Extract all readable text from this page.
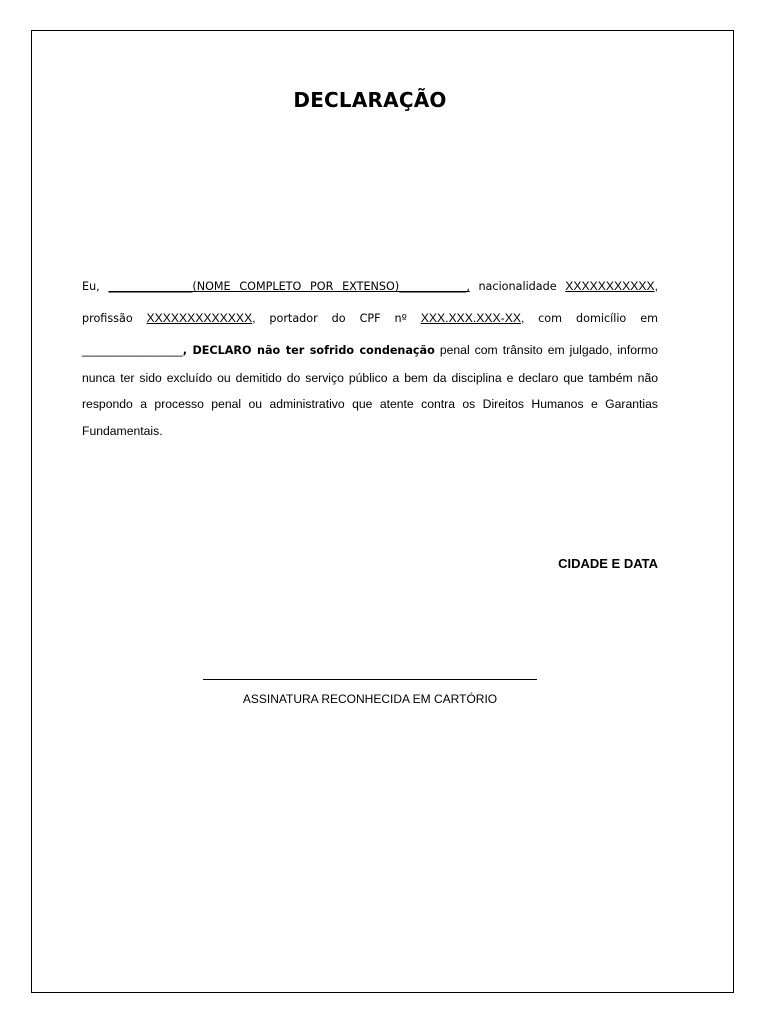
DECLARAÇÃO
Eu, _______________(NOME COMPLETO POR EXTENSO)____________, nacionalidade XXXXXXXXXXX,
profissão XXXXXXXXXXXXX, portador do CPF nº XXX.XXX.XXX-XX, com domicílio em
__________________, DECLARO não ter sofrido condenação penal com trânsito em julgado, informo
nunca ter sido excluído ou demitido do serviço público a bem da disciplina e declaro que também não
respondo a processo penal ou administrativo que atente contra os Direitos Humanos e Garantias
Fundamentais.
CIDADE E DATA
ASSINATURA RECONHECIDA EM CARTÓRIO
